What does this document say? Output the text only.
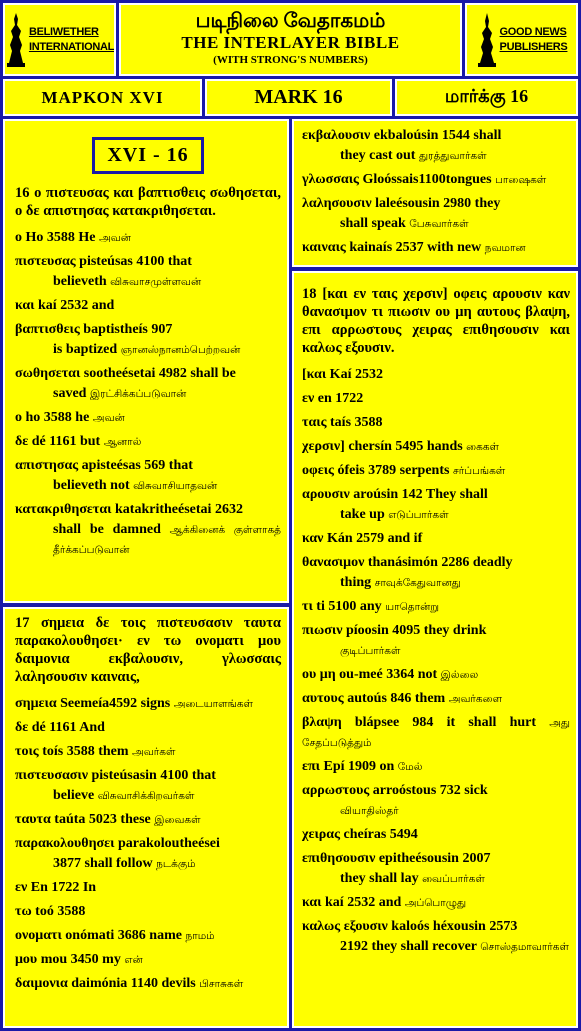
BELIWETHER
INTERNATIONAL
படிநிலை வேதாகமம்
THE INTERLAYER BIBLE
(WITH STRONG'S NUMBERS)
GOOD NEWS
PUBLISHERS
ΜΑΡΚΟΝ XVI	MARK 16	மார்க்கு 16
XVI - 16
16 ο πιστευσας και βαπτισθεις σωθησεται, ο δε απιστησας κατακριθησεται.
ο Ho 3588 He அவன்
πιστευσας pisteúsas 4100 that
believeth விசுவாசமுள்ளவன்
και kaí 2532 and
βαπτισθεις baptistheís 907
is baptized ஞானஸ்நானம்பெற்றவன்
σωθησεται sootheésetai 4982 shall be
saved இரட்சிக்கப்படுவான்
ο ho 3588 he அவன்
δε dé 1161 but ஆனால்
απιστησας apisteésas 569 that
believeth not விசுவாசியாதவன்
κατακριθησεται katakritheésetai 2632
shall be damned ஆக்கினைக் குள்ளாகத் தீர்க்கப்படுவான்
17 σημεια δε τοις πιστευσασιν ταυτα παρακολουθησει· εν τω ονοματι μου δαιμονια εκβαλουσιν, γλωσσαις λαλησουσιν καιναις,
σημεια Seemeía4592 signs அடையாளங்கள்
δε dé 1161 And
τοις toís 3588 them அவர்கள்
πιστευσασιν pisteúsasin 4100 that
believe விசுவாசிக்கிறவர்கள்
ταυτα taúta 5023 these இவைகள்
παρακολουθησει parakoloutheései
3877 shall follow நடக்கும்
εν En 1722 In
τω toó 3588
ονοματι onómati 3686 name நாமம்
μου mou 3450 my என்
δαιμονια daimónia 1140 devils பிசாசுகள்
εκβαλουσιν ekbaloúsin 1544 shall
they cast out துரத்துவார்கள்
γλωσσαις Gloóssais1100tongues பாஷைகள்
λαλησουσιν laleésousin 2980 they
shall speak பேசுவார்கள்
καιναις kainaís 2537 with new நவமான
18 [και εν ταις χερσιν] οφεις αρουσιν καν θανασιμον τι πιωσιν ου μη αυτους βλαψη, επι αρρωστους χειρας επιθησουσιν και καλως εξουσιν.
[και Kaí 2532
εν en 1722
ταις taís 3588
χερσιν] chersín 5495 hands கைகள்
οφεις ófeis 3789 serpents சர்ப்பங்கள்
αρουσιν aroúsin 142 They shall
take up எடுப்பார்கள்
καν Kán 2579 and if
θανασιμον thanásimón 2286 deadly
thing சாவுக்கேதுவானது
τι ti 5100 any யாதொன்று
πιωσιν píoosin 4095 they drink
குடிப்பார்கள்
ου μη ou-meé 3364 not இல்லை
αυτους autoús 846 them அவர்களை
βλαψη blápsee 984 it shall hurt அது சேதப்படுத்தும்
επι Epí 1909 on மேல்
αρρωστους arroóstous 732 sick
வியாதிஸ்தர்
χειρας cheíras 5494
επιθησουσιν epitheésousin 2007
they shall lay வைப்பார்கள்
και kaí 2532 and அப்பொழுது
καλως εξουσιν kaloós héxousin 2573
2192 they shall recover சொஸ்தமாவார்கள்
